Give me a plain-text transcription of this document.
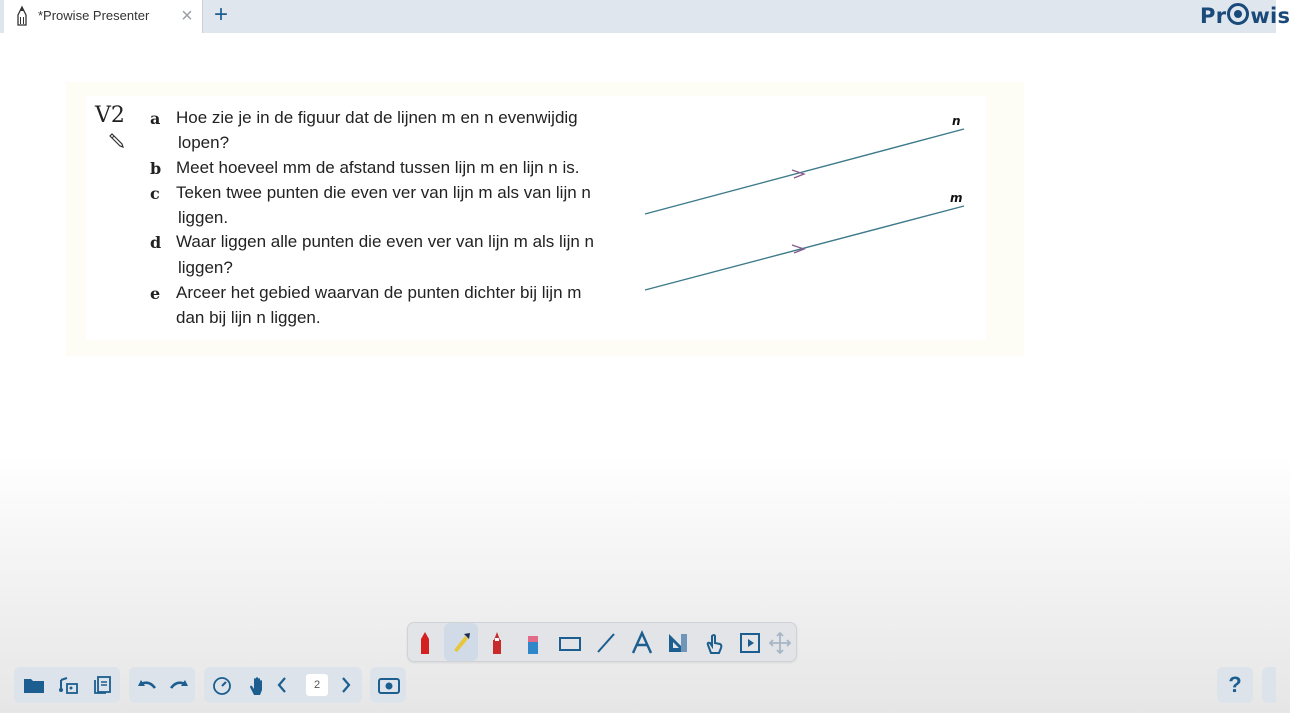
*Prowise Presenter × +	Pr wis
V2 a Hoe zie je in de figuur dat de lijnen m en n evenwijdig
lopen?
b Meet hoeveel mm de afstand tussen lijn m en lijn n is.
c Teken twee punten die even ver van lijn m als van lijn n
liggen.
d Waar liggen alle punten die even ver van lijn m als lijn n
liggen?
e Arceer het gebied waarvan de punten dichter bij lijn m
dan bij lijn n liggen.
n
m
2	?
